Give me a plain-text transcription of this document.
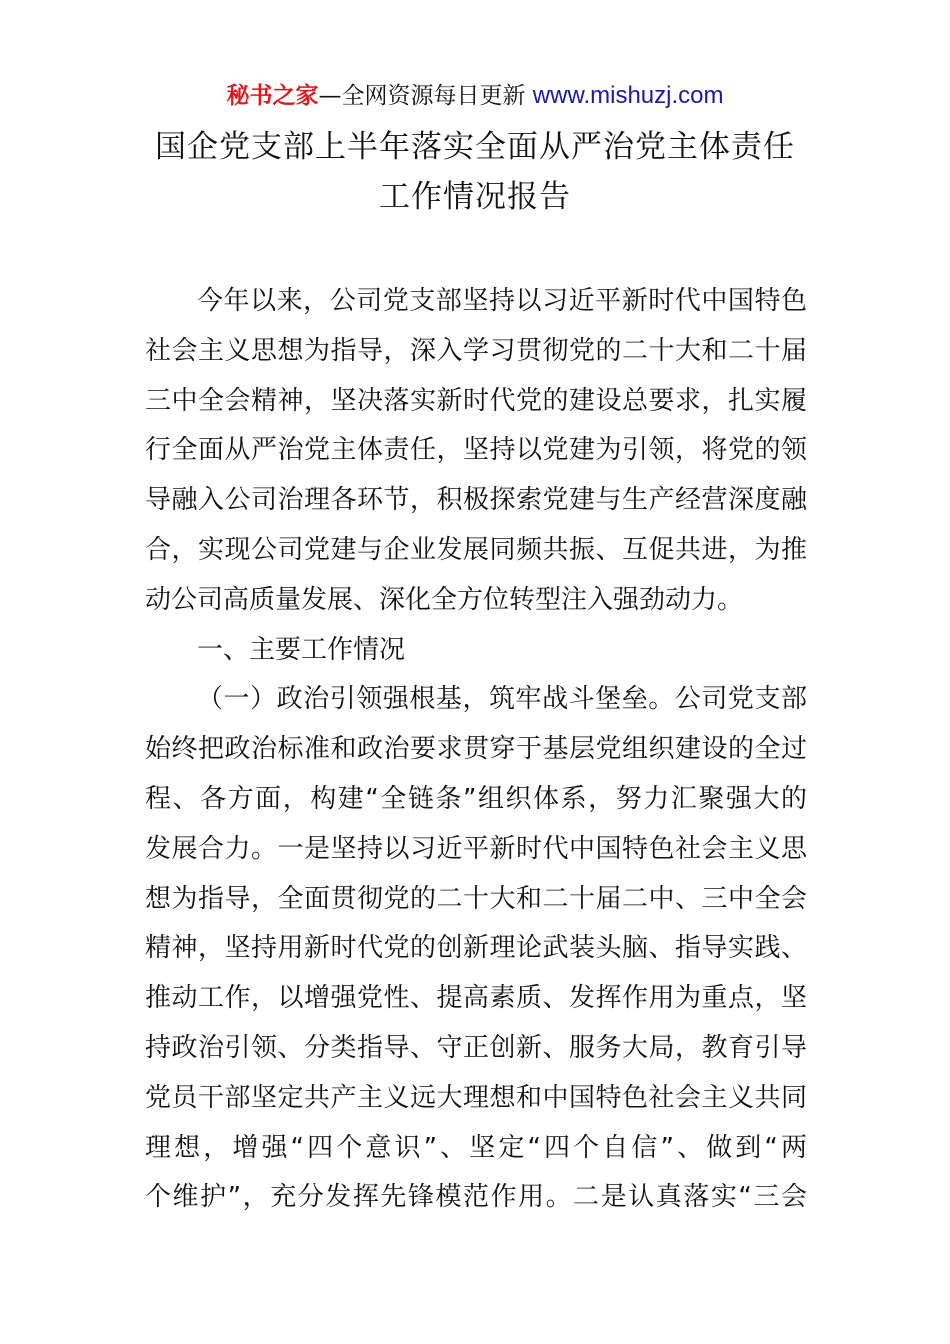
秘书之家—全网资源每日更新 www.mishuzj.com
国企党支部上半年落实全面从严治党主体责任
工作情况报告
今年以来，公司党支部坚持以习近平新时代中国特色
社会主义思想为指导，深入学习贯彻党的二十大和二十届
三中全会精神，坚决落实新时代党的建设总要求，扎实履
行全面从严治党主体责任，坚持以党建为引领，将党的领
导融入公司治理各环节，积极探索党建与生产经营深度融
合，实现公司党建与企业发展同频共振、互促共进，为推
动公司高质量发展、深化全方位转型注入强劲动力。
一、主要工作情况
（一）政治引领强根基，筑牢战斗堡垒。公司党支部
始终把政治标准和政治要求贯穿于基层党组织建设的全过
程、各方面，构建“全链条”组织体系，努力汇聚强大的
发展合力。一是坚持以习近平新时代中国特色社会主义思
想为指导，全面贯彻党的二十大和二十届二中、三中全会
精神，坚持用新时代党的创新理论武装头脑、指导实践、
推动工作，以增强党性、提高素质、发挥作用为重点，坚
持政治引领、分类指导、守正创新、服务大局，教育引导
党员干部坚定共产主义远大理想和中国特色社会主义共同
理想，增强“四个意识”、坚定“四个自信”、做到“两
个维护”，充分发挥先锋模范作用。二是认真落实“三会
